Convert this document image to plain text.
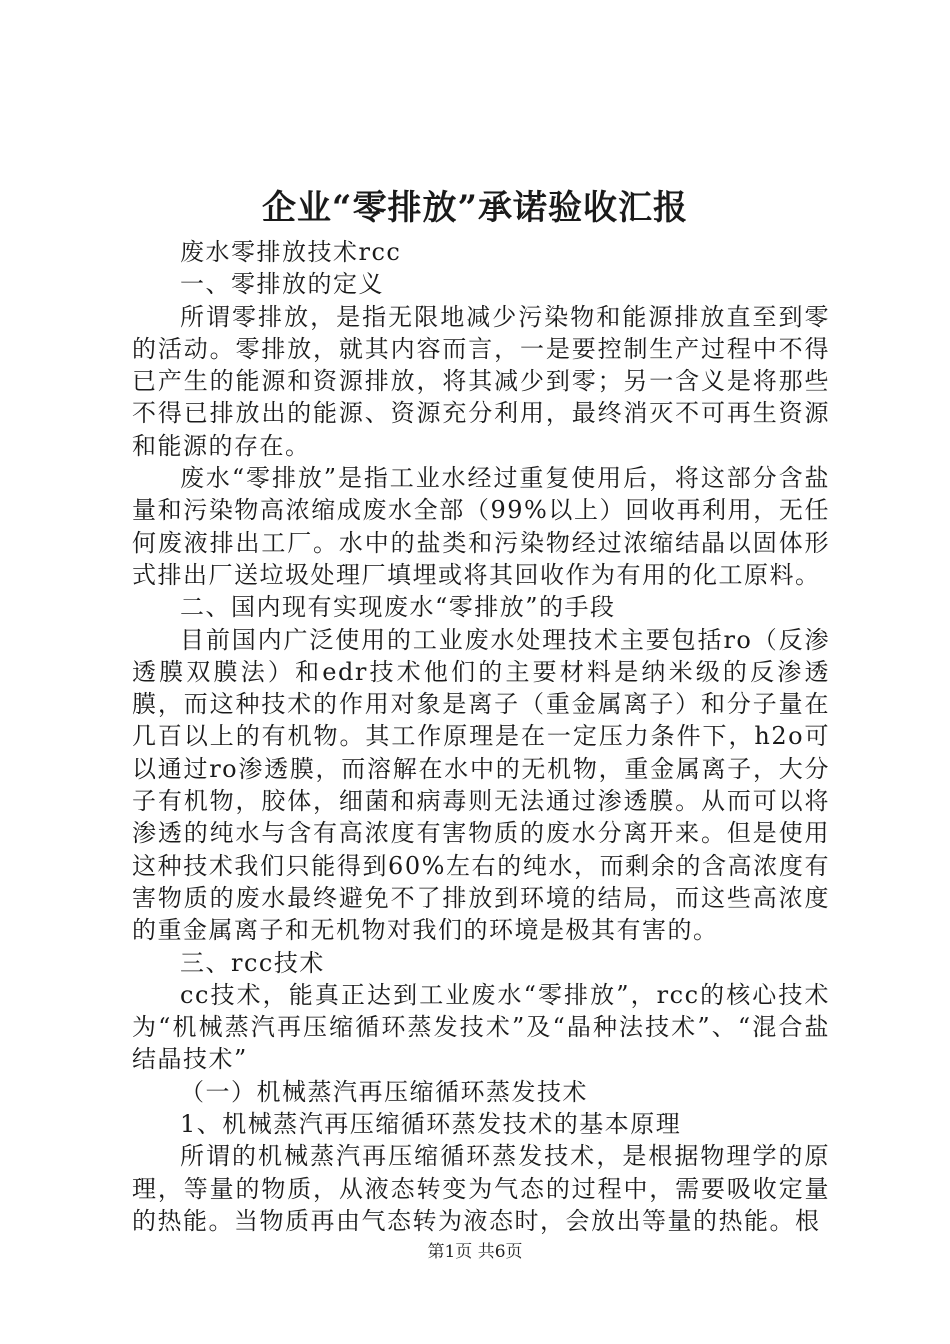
企业“零排放”承诺验收汇报

废水零排放技术rcc

一、零排放的定义

所谓零排放，是指无限地减少污染物和能源排放直至到零的活动。零排放，就其内容而言，一是要控制生产过程中不得已产生的能源和资源排放，将其减少到零；另一含义是将那些不得已排放出的能源、资源充分利用，最终消灭不可再生资源和能源的存在。

废水“零排放”是指工业水经过重复使用后，将这部分含盐量和污染物高浓缩成废水全部（99%以上）回收再利用，无任何废液排出工厂。水中的盐类和污染物经过浓缩结晶以固体形式排出厂送垃圾处理厂填埋或将其回收作为有用的化工原料。

二、国内现有实现废水“零排放”的手段

目前国内广泛使用的工业废水处理技术主要包括ro（反渗透膜双膜法）和edr技术他们的主要材料是纳米级的反渗透膜，而这种技术的作用对象是离子（重金属离子）和分子量在几百以上的有机物。其工作原理是在一定压力条件下，h2o可以通过ro渗透膜，而溶解在水中的无机物，重金属离子，大分子有机物，胶体，细菌和病毒则无法通过渗透膜。从而可以将渗透的纯水与含有高浓度有害物质的废水分离开来。但是使用这种技术我们只能得到60%左右的纯水，而剩余的含高浓度有害物质的废水最终避免不了排放到环境的结局，而这些高浓度的重金属离子和无机物对我们的环境是极其有害的。

三、rcc技术

cc技术，能真正达到工业废水“零排放”，rcc的核心技术为“机械蒸汽再压缩循环蒸发技术”及“晶种法技术”、“混合盐结晶技术”

（一）机械蒸汽再压缩循环蒸发技术

1、机械蒸汽再压缩循环蒸发技术的基本原理

所谓的机械蒸汽再压缩循环蒸发技术，是根据物理学的原理，等量的物质，从液态转变为气态的过程中，需要吸收定量的热能。当物质再由气态转为液态时，会放出等量的热能。根

第1页 共6页
